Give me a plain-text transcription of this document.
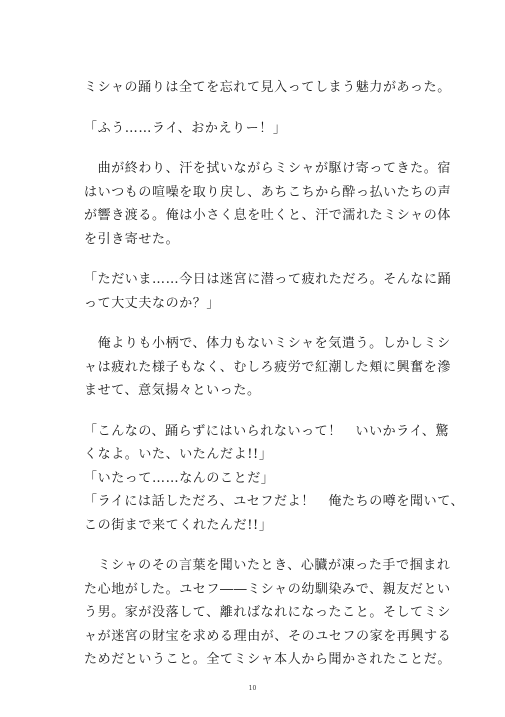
ミシャの踊りは全てを忘れて見入ってしまう魅力があった。
「ふう……ライ、おかえりー！」
　曲が終わり、汗を拭いながらミシャが駆け寄ってきた。宿
はいつもの喧噪を取り戻し、あちこちから酔っ払いたちの声
が響き渡る。俺は小さく息を吐くと、汗で濡れたミシャの体
を引き寄せた。
「ただいま……今日は迷宮に潜って疲れただろ。そんなに踊
って大丈夫なのか？」
　俺よりも小柄で、体力もないミシャを気遣う。しかしミシ
ャは疲れた様子もなく、むしろ疲労で紅潮した頬に興奮を滲
ませて、意気揚々といった。
「こんなの、踊らずにはいられないって！　いいかライ、驚
くなよ。いた、いたんだよ!!」
「いたって……なんのことだ」
「ライには話しただろ、ユセフだよ！　俺たちの噂を聞いて、
この街まで来てくれたんだ!!」
　ミシャのその言葉を聞いたとき、心臓が凍った手で掴まれ
た心地がした。ユセフ――ミシャの幼馴染みで、親友だとい
う男。家が没落して、離ればなれになったこと。そしてミシ
ャが迷宮の財宝を求める理由が、そのユセフの家を再興する
ためだということ。全てミシャ本人から聞かされたことだ。
10
